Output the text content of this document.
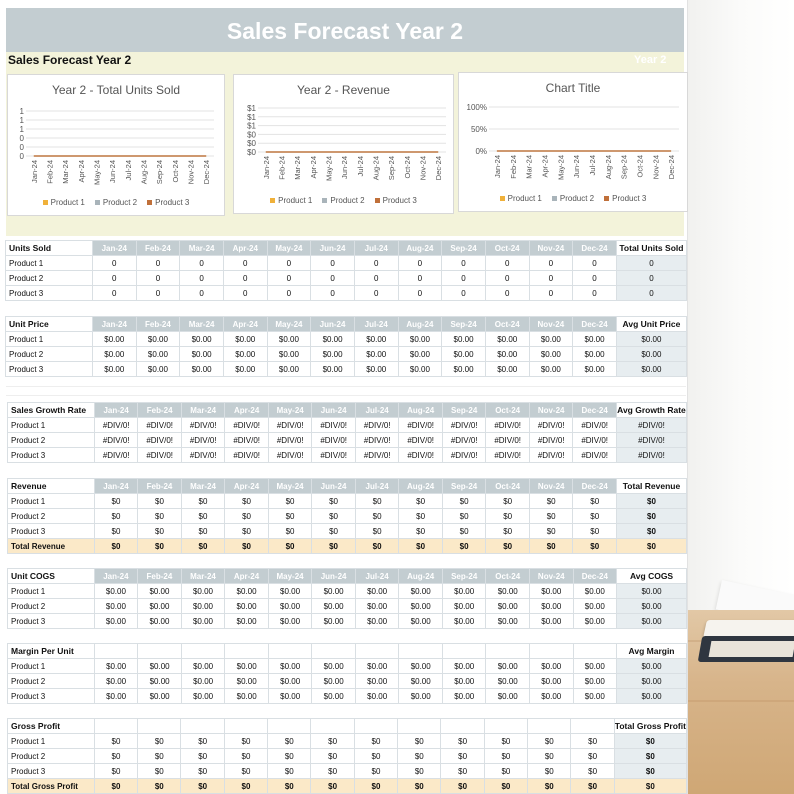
Sales Forecast Year 2
Sales Forecast Year 2	Year 2
Year 2 - Total Units Sold
1
1
1
0
0
0
Jan-24 Feb-24 Mar-24 Apr-24 May-24 Jun-24 Jul-24 Aug-24 Sep-24 Oct-24 Nov-24 Dec-24
Product 1 Product 2 Product 3
Year 2 - Revenue
$1
$1
$1
$0
$0
$0
Jan-24 Feb-24 Mar-24 Apr-24 May-24 Jun-24 Jul-24 Aug-24 Sep-24 Oct-24 Nov-24 Dec-24
Product 1 Product 2 Product 3
Chart Title
100%
50%
0%
Jan-24 Feb-24 Mar-24 Apr-24 May-24 Jun-24 Jul-24 Aug-24 Sep-24 Oct-24 Nov-24 Dec-24
Product 1 Product 2 Product 3
Units Sold	Jan-24	Feb-24	Mar-24	Apr-24	May-24	Jun-24	Jul-24	Aug-24	Sep-24	Oct-24	Nov-24	Dec-24	Total Units Sold
Product 1	0	0	0	0	0	0	0	0	0	0	0	0	0
Product 2	0	0	0	0	0	0	0	0	0	0	0	0	0
Product 3	0	0	0	0	0	0	0	0	0	0	0	0	0
Unit Price	Jan-24	Feb-24	Mar-24	Apr-24	May-24	Jun-24	Jul-24	Aug-24	Sep-24	Oct-24	Nov-24	Dec-24	Avg Unit Price
Product 1	$0.00	$0.00	$0.00	$0.00	$0.00	$0.00	$0.00	$0.00	$0.00	$0.00	$0.00	$0.00	$0.00
Product 2	$0.00	$0.00	$0.00	$0.00	$0.00	$0.00	$0.00	$0.00	$0.00	$0.00	$0.00	$0.00	$0.00
Product 3	$0.00	$0.00	$0.00	$0.00	$0.00	$0.00	$0.00	$0.00	$0.00	$0.00	$0.00	$0.00	$0.00
Sales Growth Rate	Jan-24	Feb-24	Mar-24	Apr-24	May-24	Jun-24	Jul-24	Aug-24	Sep-24	Oct-24	Nov-24	Dec-24	Avg Growth Rate
Product 1	#DIV/0!	#DIV/0!	#DIV/0!	#DIV/0!	#DIV/0!	#DIV/0!	#DIV/0!	#DIV/0!	#DIV/0!	#DIV/0!	#DIV/0!	#DIV/0!	#DIV/0!
Product 2	#DIV/0!	#DIV/0!	#DIV/0!	#DIV/0!	#DIV/0!	#DIV/0!	#DIV/0!	#DIV/0!	#DIV/0!	#DIV/0!	#DIV/0!	#DIV/0!	#DIV/0!
Product 3	#DIV/0!	#DIV/0!	#DIV/0!	#DIV/0!	#DIV/0!	#DIV/0!	#DIV/0!	#DIV/0!	#DIV/0!	#DIV/0!	#DIV/0!	#DIV/0!	#DIV/0!
Revenue	Jan-24	Feb-24	Mar-24	Apr-24	May-24	Jun-24	Jul-24	Aug-24	Sep-24	Oct-24	Nov-24	Dec-24	Total Revenue
Product 1	$0	$0	$0	$0	$0	$0	$0	$0	$0	$0	$0	$0	$0
Product 2	$0	$0	$0	$0	$0	$0	$0	$0	$0	$0	$0	$0	$0
Product 3	$0	$0	$0	$0	$0	$0	$0	$0	$0	$0	$0	$0	$0
Total Revenue	$0	$0	$0	$0	$0	$0	$0	$0	$0	$0	$0	$0	$0
Unit COGS	Jan-24	Feb-24	Mar-24	Apr-24	May-24	Jun-24	Jul-24	Aug-24	Sep-24	Oct-24	Nov-24	Dec-24	Avg COGS
Product 1	$0.00	$0.00	$0.00	$0.00	$0.00	$0.00	$0.00	$0.00	$0.00	$0.00	$0.00	$0.00	$0.00
Product 2	$0.00	$0.00	$0.00	$0.00	$0.00	$0.00	$0.00	$0.00	$0.00	$0.00	$0.00	$0.00	$0.00
Product 3	$0.00	$0.00	$0.00	$0.00	$0.00	$0.00	$0.00	$0.00	$0.00	$0.00	$0.00	$0.00	$0.00
Margin Per Unit													Avg Margin
Product 1	$0.00	$0.00	$0.00	$0.00	$0.00	$0.00	$0.00	$0.00	$0.00	$0.00	$0.00	$0.00	$0.00
Product 2	$0.00	$0.00	$0.00	$0.00	$0.00	$0.00	$0.00	$0.00	$0.00	$0.00	$0.00	$0.00	$0.00
Product 3	$0.00	$0.00	$0.00	$0.00	$0.00	$0.00	$0.00	$0.00	$0.00	$0.00	$0.00	$0.00	$0.00
Gross Profit													Total Gross Profit
Product 1	$0	$0	$0	$0	$0	$0	$0	$0	$0	$0	$0	$0	$0
Product 2	$0	$0	$0	$0	$0	$0	$0	$0	$0	$0	$0	$0	$0
Product 3	$0	$0	$0	$0	$0	$0	$0	$0	$0	$0	$0	$0	$0
Total Gross Profit	$0	$0	$0	$0	$0	$0	$0	$0	$0	$0	$0	$0	$0
